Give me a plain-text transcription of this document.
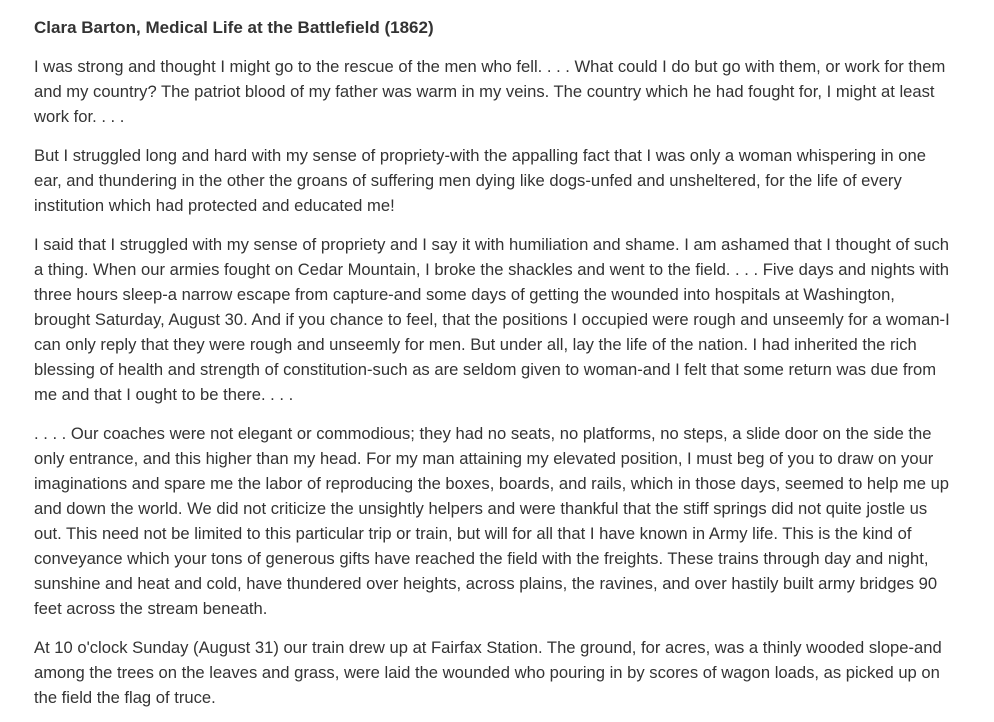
Clara Barton, Medical Life at the Battlefield (1862)

I was strong and thought I might go to the rescue of the men who fell. . . . What could I do but go with them, or work for them and my country? The patriot blood of my father was warm in my veins. The country which he had fought for, I might at least work for. . . .

But I struggled long and hard with my sense of propriety-with the appalling fact that I was only a woman whispering in one ear, and thundering in the other the groans of suffering men dying like dogs-unfed and unsheltered, for the life of every institution which had protected and educated me!

I said that I struggled with my sense of propriety and I say it with humiliation and shame. I am ashamed that I thought of such a thing. When our armies fought on Cedar Mountain, I broke the shackles and went to the field. . . . Five days and nights with three hours sleep-a narrow escape from capture-and some days of getting the wounded into hospitals at Washington, brought Saturday, August 30. And if you chance to feel, that the positions I occupied were rough and unseemly for a woman-I can only reply that they were rough and unseemly for men. But under all, lay the life of the nation. I had inherited the rich blessing of health and strength of constitution-such as are seldom given to woman-and I felt that some return was due from me and that I ought to be there. . . .

. . . . Our coaches were not elegant or commodious; they had no seats, no platforms, no steps, a slide door on the side the only entrance, and this higher than my head. For my man attaining my elevated position, I must beg of you to draw on your imaginations and spare me the labor of reproducing the boxes, boards, and rails, which in those days, seemed to help me up and down the world. We did not criticize the unsightly helpers and were thankful that the stiff springs did not quite jostle us out. This need not be limited to this particular trip or train, but will for all that I have known in Army life. This is the kind of conveyance which your tons of generous gifts have reached the field with the freights. These trains through day and night, sunshine and heat and cold, have thundered over heights, across plains, the ravines, and over hastily built army bridges 90 feet across the stream beneath.

At 10 o'clock Sunday (August 31) our train drew up at Fairfax Station. The ground, for acres, was a thinly wooded slope-and among the trees on the leaves and grass, were laid the wounded who pouring in by scores of wagon loads, as picked up on the field the flag of truce.
